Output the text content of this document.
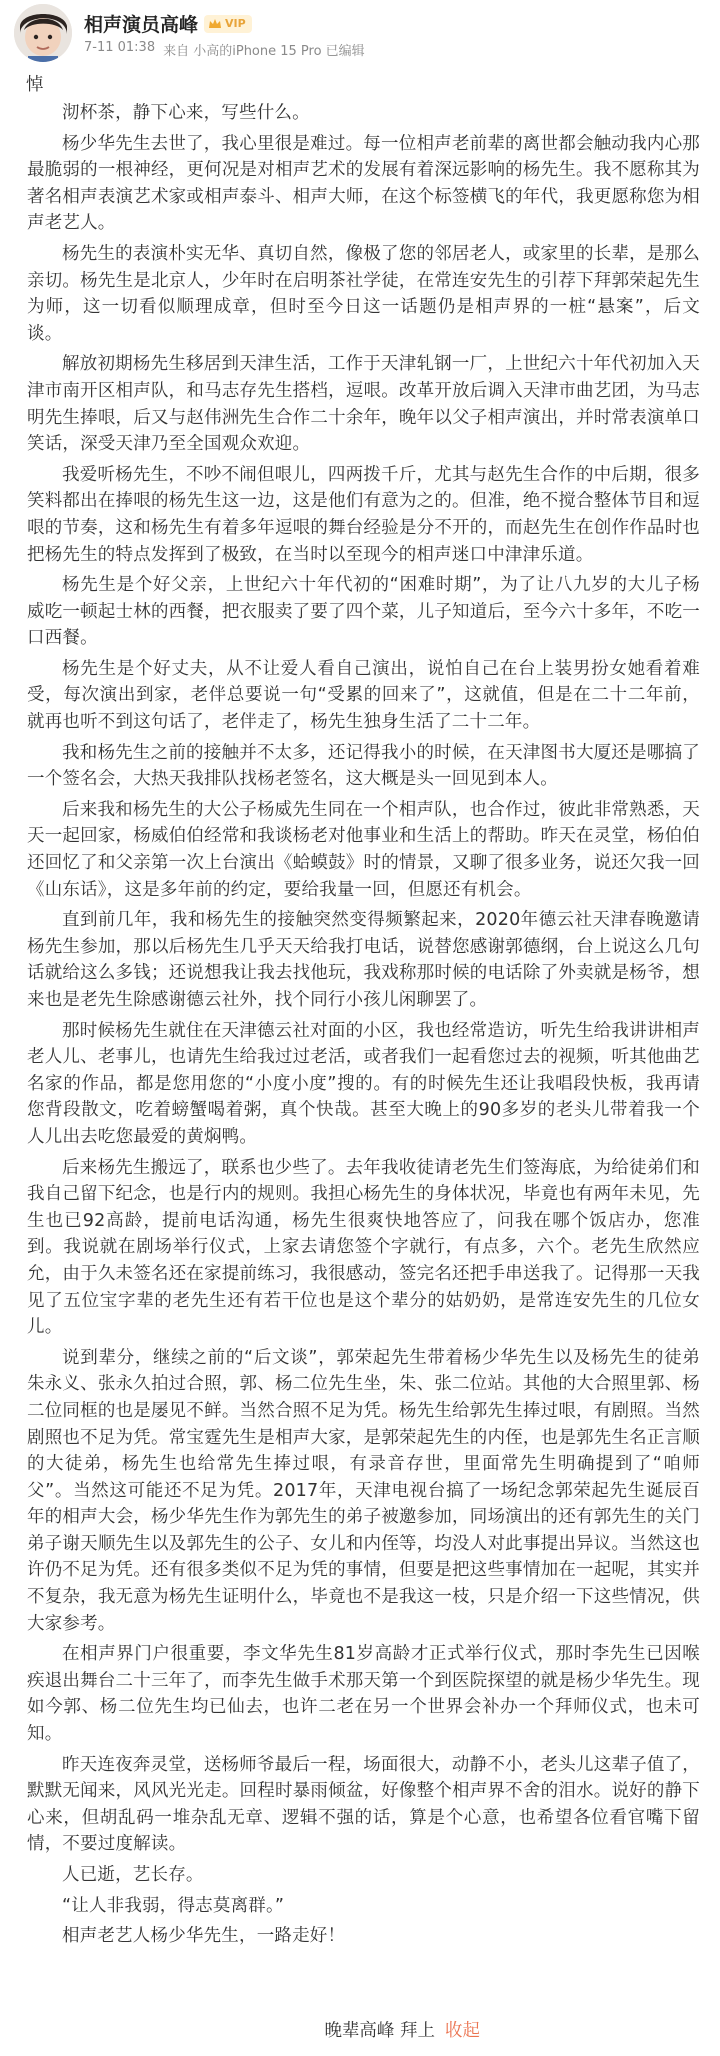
相声演员高峰 VIP
7-11 01:38 来自 小高的iPhone 15 Pro 已编辑

悼

沏杯茶，静下心来，写些什么。

杨少华先生去世了，我心里很是难过。每一位相声老前辈的离世都会触动我内心那最脆弱的一根神经，更何况是对相声艺术的发展有着深远影响的杨先生。我不愿称其为著名相声表演艺术家或相声泰斗、相声大师，在这个标签横飞的年代，我更愿称您为相声老艺人。

杨先生的表演朴实无华、真切自然，像极了您的邻居老人，或家里的长辈，是那么亲切。杨先生是北京人，少年时在启明茶社学徒，在常连安先生的引荐下拜郭荣起先生为师，这一切看似顺理成章，但时至今日这一话题仍是相声界的一桩“悬案”，后文谈。

解放初期杨先生移居到天津生活，工作于天津轧钢一厂，上世纪六十年代初加入天津市南开区相声队，和马志存先生搭档，逗哏。改革开放后调入天津市曲艺团，为马志明先生捧哏，后又与赵伟洲先生合作二十余年，晚年以父子相声演出，并时常表演单口笑话，深受天津乃至全国观众欢迎。

我爱听杨先生，不吵不闹但哏儿，四两拨千斤，尤其与赵先生合作的中后期，很多笑料都出在捧哏的杨先生这一边，这是他们有意为之的。但准，绝不搅合整体节目和逗哏的节奏，这和杨先生有着多年逗哏的舞台经验是分不开的，而赵先生在创作作品时也把杨先生的特点发挥到了极致，在当时以至现今的相声迷口中津津乐道。

杨先生是个好父亲，上世纪六十年代初的“困难时期”，为了让八九岁的大儿子杨威吃一顿起士林的西餐，把衣服卖了要了四个菜，儿子知道后，至今六十多年，不吃一口西餐。

杨先生是个好丈夫，从不让爱人看自己演出，说怕自己在台上装男扮女她看着难受，每次演出到家，老伴总要说一句“受累的回来了”，这就值，但是在二十二年前，就再也听不到这句话了，老伴走了，杨先生独身生活了二十二年。

我和杨先生之前的接触并不太多，还记得我小的时候，在天津图书大厦还是哪搞了一个签名会，大热天我排队找杨老签名，这大概是头一回见到本人。

后来我和杨先生的大公子杨威先生同在一个相声队，也合作过，彼此非常熟悉，天天一起回家，杨威伯伯经常和我谈杨老对他事业和生活上的帮助。昨天在灵堂，杨伯伯还回忆了和父亲第一次上台演出《蛤蟆鼓》时的情景，又聊了很多业务，说还欠我一回《山东话》，这是多年前的约定，要给我量一回，但愿还有机会。

直到前几年，我和杨先生的接触突然变得频繁起来，2020年德云社天津春晚邀请杨先生参加，那以后杨先生几乎天天给我打电话，说替您感谢郭德纲，台上说这么几句话就给这么多钱；还说想我让我去找他玩，我戏称那时候的电话除了外卖就是杨爷，想来也是老先生除感谢德云社外，找个同行小孩儿闲聊罢了。

那时候杨先生就住在天津德云社对面的小区，我也经常造访，听先生给我讲讲相声老人儿、老事儿，也请先生给我过过老活，或者我们一起看您过去的视频，听其他曲艺名家的作品，都是您用您的“小度小度”搜的。有的时候先生还让我唱段快板，我再请您背段散文，吃着螃蟹喝着粥，真个快哉。甚至大晚上的90多岁的老头儿带着我一个人儿出去吃您最爱的黄焖鸭。

后来杨先生搬远了，联系也少些了。去年我收徒请老先生们签海底，为给徒弟们和我自己留下纪念，也是行内的规则。我担心杨先生的身体状况，毕竟也有两年未见，先生也已92高龄，提前电话沟通，杨先生很爽快地答应了，问我在哪个饭店办，您准到。我说就在剧场举行仪式，上家去请您签个字就行，有点多，六个。老先生欣然应允，由于久未签名还在家提前练习，我很感动，签完名还把手串送我了。记得那一天我见了五位宝字辈的老先生还有若干位也是这个辈分的姑奶奶，是常连安先生的几位女儿。

说到辈分，继续之前的“后文谈”，郭荣起先生带着杨少华先生以及杨先生的徒弟朱永义、张永久拍过合照，郭、杨二位先生坐，朱、张二位站。其他的大合照里郭、杨二位同框的也是屡见不鲜。当然合照不足为凭。杨先生给郭先生捧过哏，有剧照。当然剧照也不足为凭。常宝霆先生是相声大家，是郭荣起先生的内侄，也是郭先生名正言顺的大徒弟，杨先生也给常先生捧过哏，有录音存世，里面常先生明确提到了“咱师父”。当然这可能还不足为凭。2017年，天津电视台搞了一场纪念郭荣起先生诞辰百年的相声大会，杨少华先生作为郭先生的弟子被邀参加，同场演出的还有郭先生的关门弟子谢天顺先生以及郭先生的公子、女儿和内侄等，均没人对此事提出异议。当然这也许仍不足为凭。还有很多类似不足为凭的事情，但要是把这些事情加在一起呢，其实并不复杂，我无意为杨先生证明什么，毕竟也不是我这一枝，只是介绍一下这些情况，供大家参考。

在相声界门户很重要，李文华先生81岁高龄才正式举行仪式，那时李先生已因喉疾退出舞台二十三年了，而李先生做手术那天第一个到医院探望的就是杨少华先生。现如今郭、杨二位先生均已仙去，也许二老在另一个世界会补办一个拜师仪式，也未可知。

昨天连夜奔灵堂，送杨师爷最后一程，场面很大，动静不小，老头儿这辈子值了，默默无闻来，风风光光走。回程时暴雨倾盆，好像整个相声界不舍的泪水。说好的静下心来，但胡乱码一堆杂乱无章、逻辑不强的话，算是个心意，也希望各位看官嘴下留情，不要过度解读。

人已逝，艺长存。

“让人非我弱，得志莫离群。”

相声老艺人杨少华先生，一路走好！

晚辈高峰 拜上 收起
